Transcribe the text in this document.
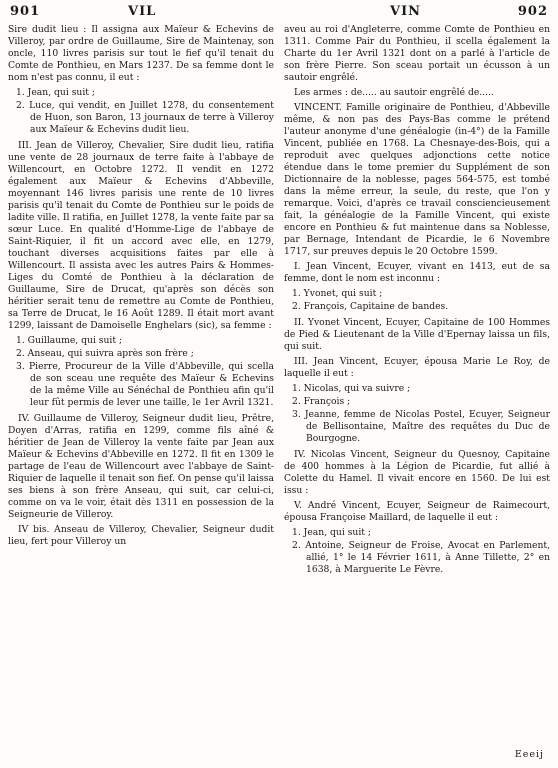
901	VIL	VIN	902

Sire dudit lieu : Il assigna aux Maïeur & Echevins de Villeroy, par ordre de Guillaume, Sire de Maintenay, son oncle, 110 livres parisis sur tout le fief qu'il tenait du Comte de Ponthieu, en Mars 1237. De sa femme dont le nom n'est pas connu, il eut :

1. Jean, qui suit ;
2. Luce, qui vendit, en Juillet 1278, du consentement de Huon, son Baron, 13 journaux de terre à Villeroy aux Maïeur & Echevins dudit lieu.

III. Jean de Villeroy, Chevalier, Sire dudit lieu, ratifia une vente de 28 journaux de terre faite à l'abbaye de Willencourt, en Octobre 1272. Il vendit en 1272 également aux Maïeur & Echevins d'Abbeville, moyennant 146 livres parisis une rente de 10 livres parisis qu'il tenait du Comte de Ponthieu sur le poids de ladite ville. Il ratifia, en Juillet 1278, la vente faite par sa sœur Luce. En qualité d'Homme-Lige de l'abbaye de Saint-Riquier, il fit un accord avec elle, en 1279, touchant diverses acquisitions faites par elle à Willencourt. Il assista avec les autres Pairs & Hommes-Liges du Comté de Ponthieu à la déclaration de Guillaume, Sire de Drucat, qu'après son décès son héritier serait tenu de remettre au Comte de Ponthieu, sa Terre de Drucat, le 16 Août 1289. Il était mort avant 1299, laissant de Damoiselle Enghelars (sic), sa femme :

1. Guillaume, qui suit ;
2. Anseau, qui suivra après son frère ;
3. Pierre, Procureur de la Ville d'Abbeville, qui scella de son sceau une requête des Maïeur & Echevins de la même Ville au Sénéchal de Ponthieu afin qu'il leur fût permis de lever une taille, le 1er Avril 1321.

IV. Guillaume de Villeroy, Seigneur dudit lieu, Prêtre, Doyen d'Arras, ratifia en 1299, comme fils aîné & héritier de Jean de Villeroy la vente faite par Jean aux Maïeur & Echevins d'Abbeville en 1272. Il fit en 1309 le partage de l'eau de Willencourt avec l'abbaye de Saint-Riquier de laquelle il tenait son fief. On pense qu'il laissa ses biens à son frère Anseau, qui suit, car celui-ci, comme on va le voir, était dès 1311 en possession de la Seigneurie de Villeroy.

IV bis. Anseau de Villeroy, Chevalier, Seigneur dudit lieu, fert pour Villeroy un

aveu au roi d'Angleterre, comme Comte de Ponthieu en 1311. Comme Pair du Ponthieu, il scella également la Charte du 1er Avril 1321 dont on a parlé à l'article de son frère Pierre. Son sceau portait un écusson à un sautoir engrêlé.

Les armes : de..... au sautoir engrêlé de.....

VINCENT. Famille originaire de Ponthieu, d'Abbeville même, & non pas des Pays-Bas comme le prétend l'auteur anonyme d'une généalogie (in-4°) de la Famille Vincent, publiée en 1768. La Chesnaye-des-Bois, qui a reproduit avec quelques adjonctions cette notice étendue dans le tome premier du Supplément de son Dictionnaire de la noblesse, pages 564-575, est tombé dans la même erreur, la seule, du reste, que l'on y remarque. Voici, d'après ce travail consciencieusement fait, la généalogie de la Famille Vincent, qui existe encore en Ponthieu & fut maintenue dans sa Noblesse, par Bernage, Intendant de Picardie, le 6 Novembre 1717, sur preuves depuis le 20 Octobre 1599.

I. Jean Vincent, Ecuyer, vivant en 1413, eut de sa femme, dont le nom est inconnu :

1. Yvonet, qui suit ;
2. François, Capitaine de bandes.

II. Yvonet Vincent, Ecuyer, Capitaine de 100 Hommes de Pied & Lieutenant de la Ville d'Epernay laissa un fils, qui suit.

III. Jean Vincent, Ecuyer, épousa Marie Le Roy, de laquelle il eut :

1. Nicolas, qui va suivre ;
2. François ;
3. Jeanne, femme de Nicolas Postel, Ecuyer, Seigneur de Bellisontaine, Maître des requêtes du Duc de Bourgogne.

IV. Nicolas Vincent, Seigneur du Quesnoy, Capitaine de 400 hommes à la Légion de Picardie, fut allié à Colette du Hamel. Il vivait encore en 1560. De lui est issu :

V. André Vincent, Ecuyer, Seigneur de Raimecourt, épousa Françoise Maillard, de laquelle il eut :

1. Jean, qui suit ;
2. Antoine, Seigneur de Froise, Avocat en Parlement, allié, 1° le 14 Février 1611, à Anne Tillette, 2° en 1638, à Marguerite Le Fèvre.
Eeeij
